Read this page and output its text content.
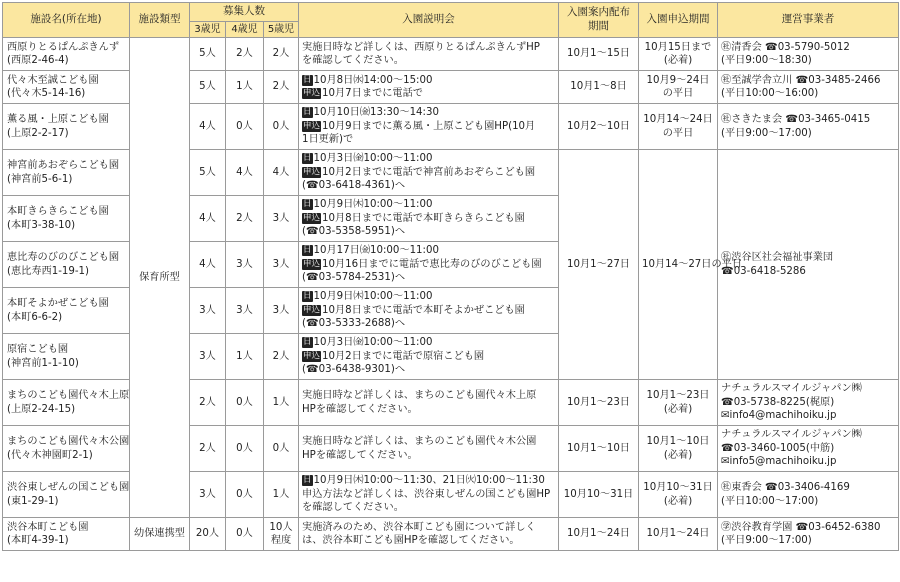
施設名(所在地)	施設類型	募集人数			入園説明会	入園案内配布期間	入園申込期間	運営事業者
		3歳児	4歳児	5歳児				

西原りとるぱんぷきんず
(西原2-46-4)	保育所型	5人	2人	2人	実施日時など詳しくは、西原りとるぱんぷきんずHP
を確認してください。	10月1～15日	10月15日まで
(必着)	㊓清香会 ☎03-5790-5012
(平日9:00～18:30)

代々木至誠こども園
(代々木5-14-16)		5人	1人	2人	日 10月8日㈬14:00～15:00
申込 10月7日までに電話で	10月1～8日	10月9～24日
の平日	㊓至誠学舎立川 ☎03-3485-2466
(平日10:00～16:00)

薫る風・上原こども園
(上原2-2-17)		4人	0人	0人	日 10月10日㈮13:30～14:30
申込 10月9日までに薫る風・上原こども園HP(10月
1日更新)で	10月2～10日	10月14～24日
の平日	㊓さきたま会 ☎03-3465-0415
(平日9:00～17:00)

神宮前あおぞらこども園
(神宮前5-6-1)		5人	4人	4人	日 10月3日㈮10:00～11:00
申込 10月2日までに電話で神宮前あおぞらこども園
(☎03-6418-4361)へ	10月1～27日	10月14～27日の平日	㊓渋谷区社会福祉事業団
☎03-6418-5286

本町きらきらこども園
(本町3-38-10)		4人	2人	3人	日 10月9日㈭10:00～11:00
申込 10月8日までに電話で本町きらきらこども園
(☎03-5358-5951)へ			

恵比寿のびのびこども園
(恵比寿西1-19-1)		4人	3人	3人	日 10月17日㈮10:00～11:00
申込 10月16日までに電話で恵比寿のびのびこども園
(☎03-5784-2531)へ			

本町そよかぜこども園
(本町6-6-2)		3人	3人	3人	日 10月9日㈭10:00～11:00
申込 10月8日までに電話で本町そよかぜこども園
(☎03-5333-2688)へ			

原宿こども園
(神宮前1-1-10)		3人	1人	2人	日 10月3日㈮10:00～11:00
申込 10月2日までに電話で原宿こども園
(☎03-6438-9301)へ			

まちのこども園代々木上原
(上原2-24-15)		2人	0人	1人	実施日時など詳しくは、まちのこども園代々木上原
HPを確認してください。	10月1～23日	10月1～23日
(必着)	ナチュラルスマイルジャパン㈱
☎03-5738-8225(梶原)
✉info4@machihoiku.jp

まちのこども園代々木公園
(代々木神園町2-1)		2人	0人	0人	実施日時など詳しくは、まちのこども園代々木公園
HPを確認してください。	10月1～10日	10月1～10日
(必着)	ナチュラルスマイルジャパン㈱
☎03-3460-1005(中筋)
✉info5@machihoiku.jp

渋谷東しぜんの国こども園
(東1-29-1)		3人	0人	1人	日 10月9日㈭10:00～11:30、21日㈫10:00～11:30
申込方法など詳しくは、渋谷東しぜんの国こども園HP
を確認してください。	10月10～31日	10月10～31日
(必着)	㊓東香会 ☎03-3406-4169
(平日10:00～17:00)

渋谷本町こども園
(本町4-39-1)	幼保連携型	20人	0人	10人
程度	実施済みのため、渋谷本町こども園について詳しく
は、渋谷本町こども園HPを確認してください。	10月1～24日	10月1～24日	㊫渋谷教育学園 ☎03-6452-6380
(平日9:00～17:00)
